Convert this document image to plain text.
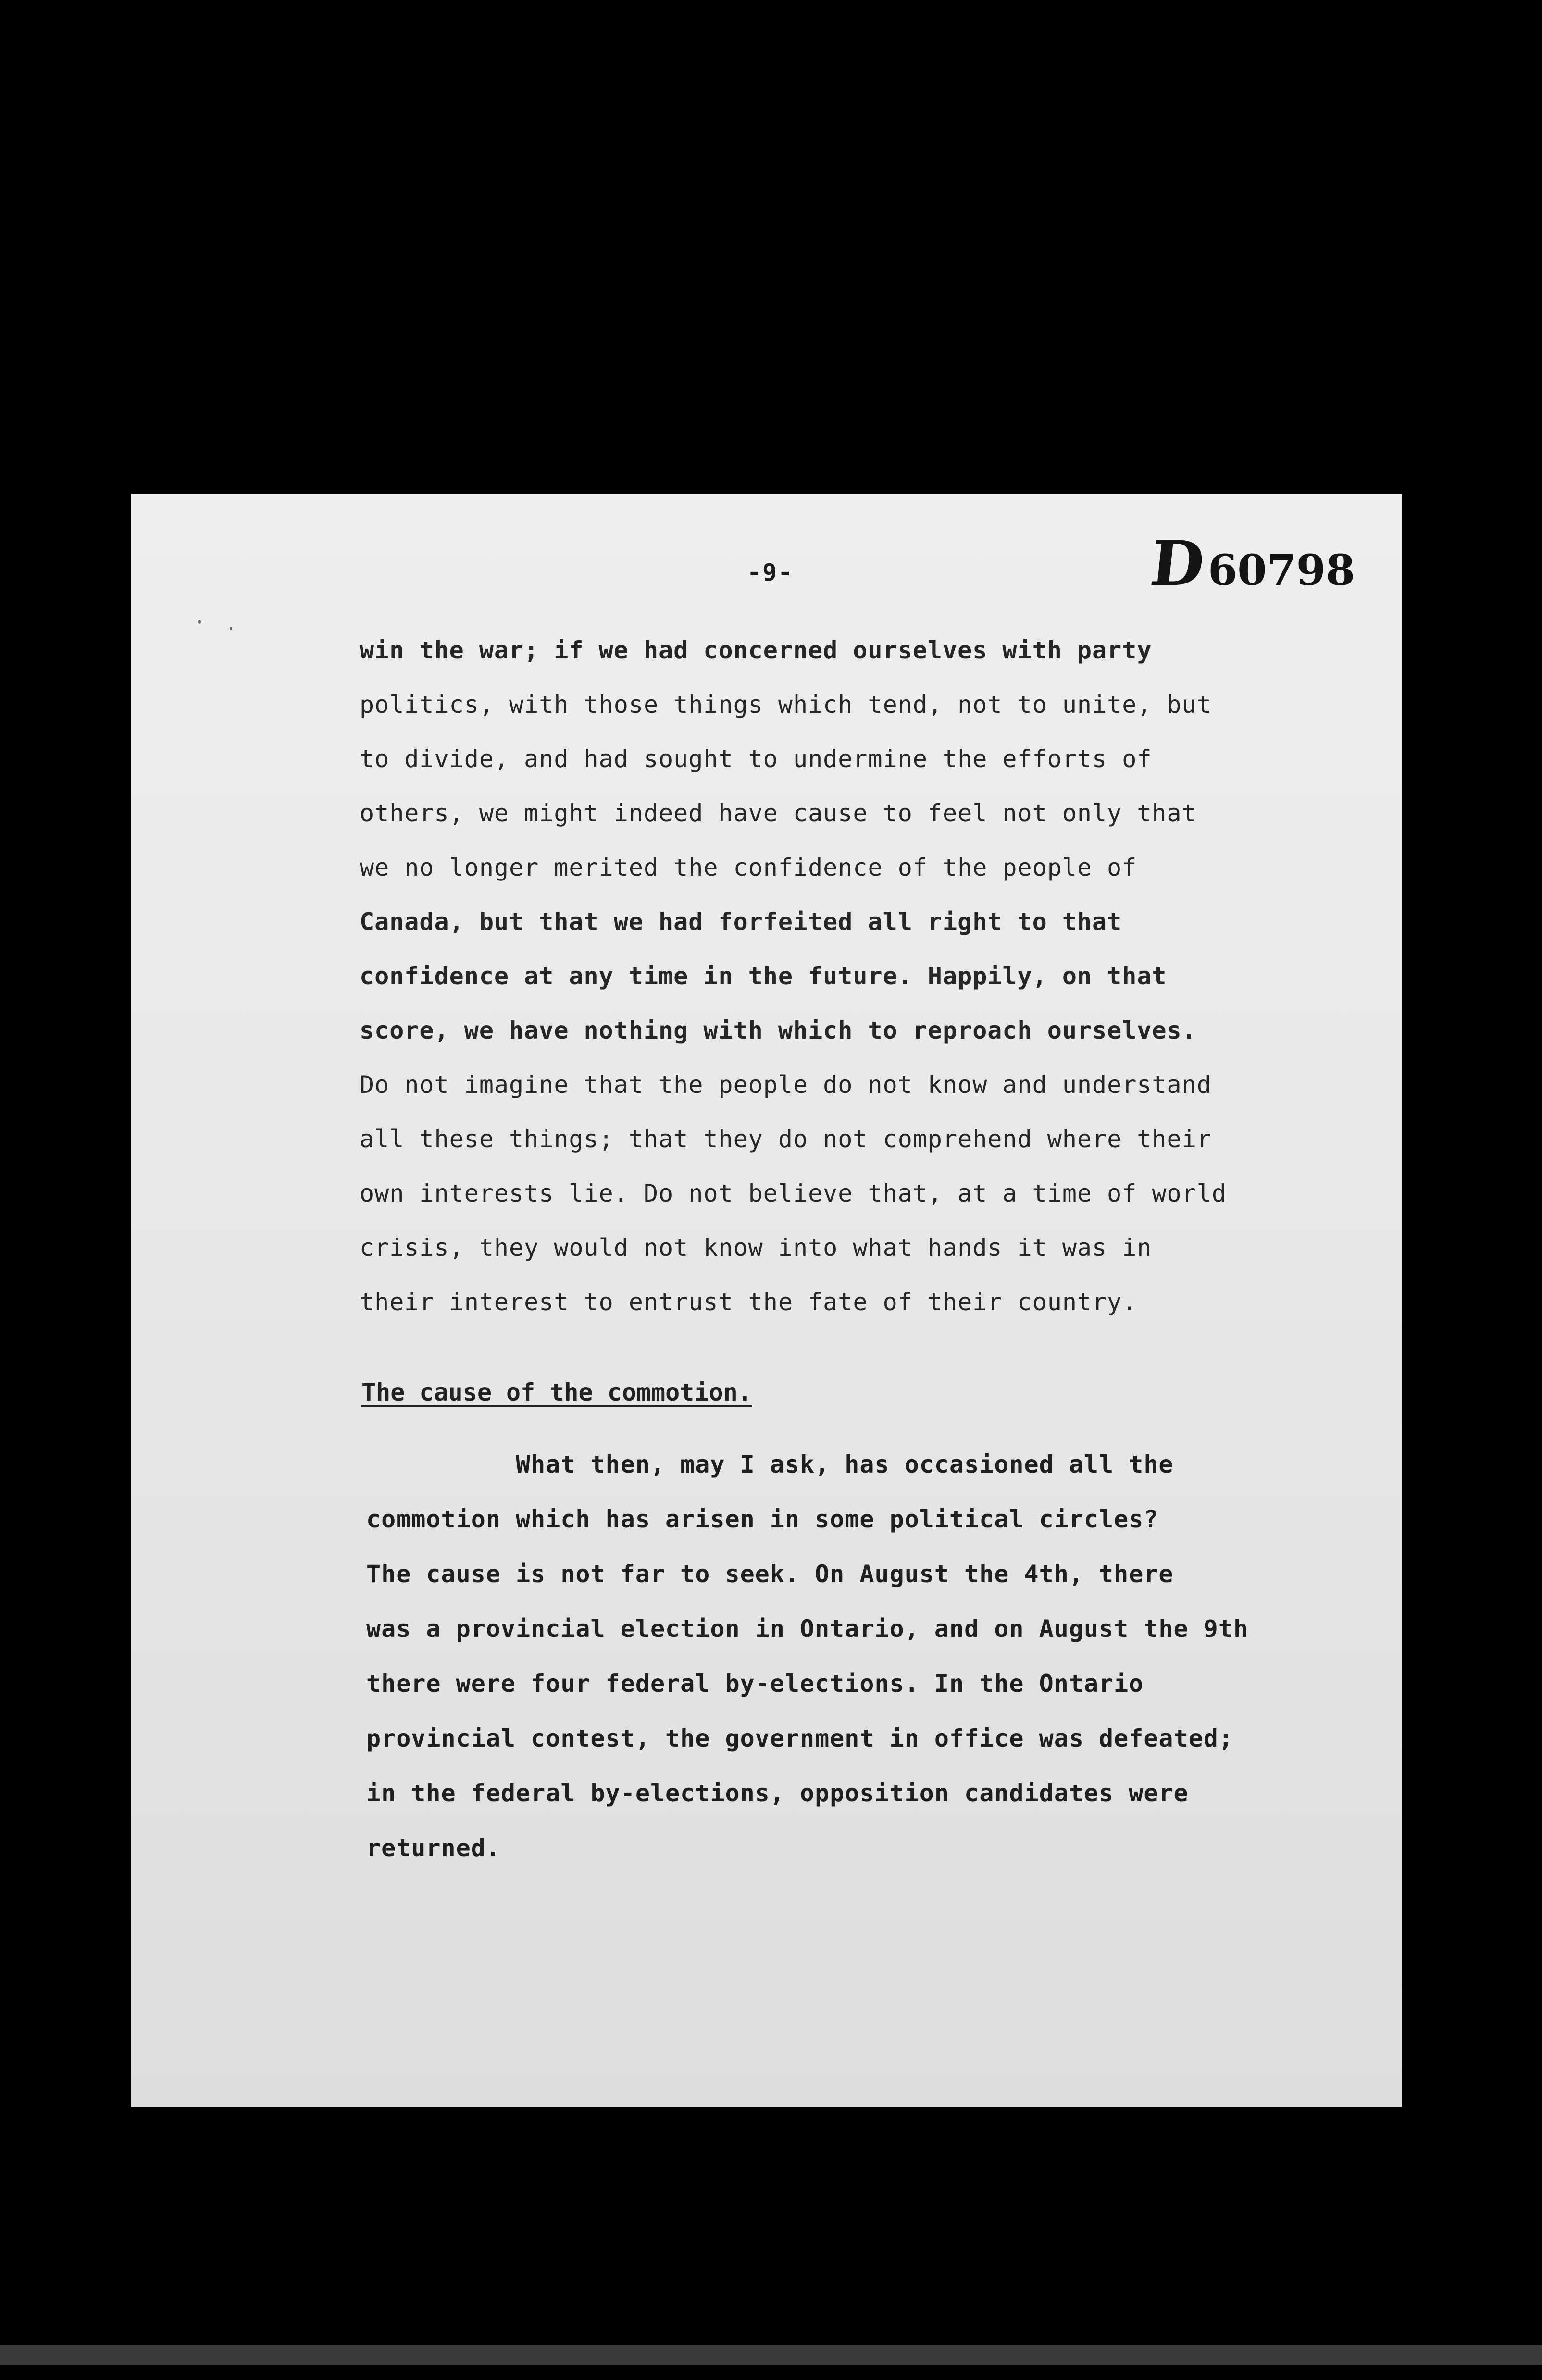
-9-	D60798
win the war; if we had concerned ourselves with party
politics, with those things which tend, not to unite, but
to divide, and had sought to undermine the efforts of
others, we might indeed have cause to feel not only that
we no longer merited the confidence of the people of
Canada, but that we had forfeited all right to that
confidence at any time in the future. Happily, on that
score, we have nothing with which to reproach ourselves.
Do not imagine that the people do not know and understand
all these things; that they do not comprehend where their
own interests lie. Do not believe that, at a time of world
crisis, they would not know into what hands it was in
their interest to entrust the fate of their country.
The cause of the commotion.
What then, may I ask, has occasioned all the
commotion which has arisen in some political circles?
The cause is not far to seek. On August the 4th, there
was a provincial election in Ontario, and on August the 9th
there were four federal by-elections. In the Ontario
provincial contest, the government in office was defeated;
in the federal by-elections, opposition candidates were
returned.
